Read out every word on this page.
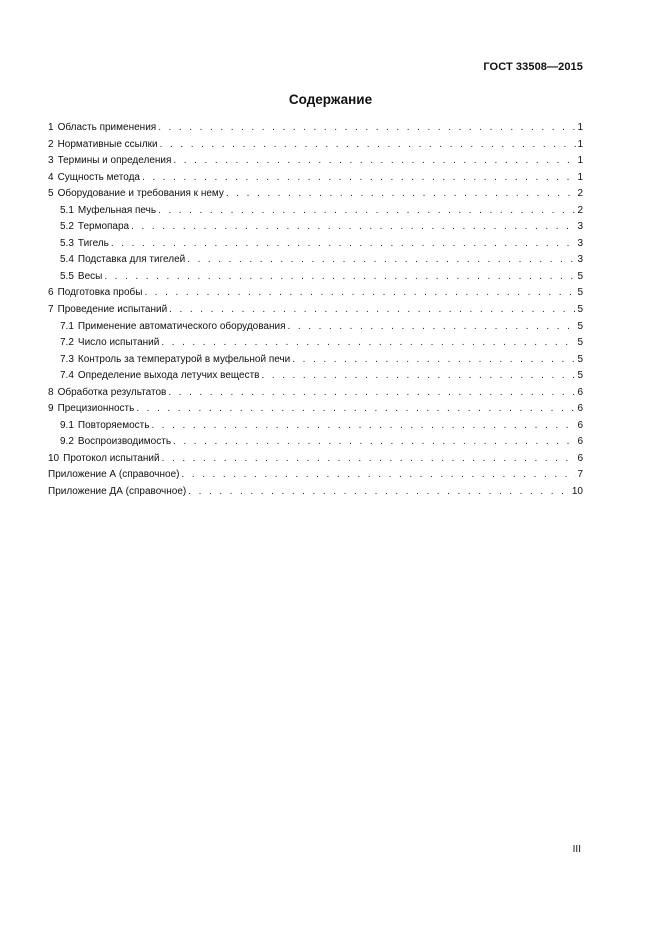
ГОСТ 33508—2015
Содержание
1 Область применения . . .	1
2 Нормативные ссылки . . .	1
3 Термины и определения . . .	1
4 Сущность метода . . .	1
5 Оборудование и требования к нему . . .	2
5.1 Муфельная печь . . .	2
5.2 Термопара . . .	3
5.3 Тигель . . .	3
5.4 Подставка для тигелей . . .	3
5.5 Весы . . .	5
6 Подготовка пробы . . .	5
7 Проведение испытаний . . .	5
7.1 Применение автоматического оборудования . . .	5
7.2 Число испытаний . . .	5
7.3 Контроль за температурой в муфельной печи . . .	5
7.4 Определение выхода летучих веществ . . .	5
8 Обработка результатов . . .	6
9 Прецизионность . . .	6
9.1 Повторяемость . . .	6
9.2 Воспроизводимость . . .	6
10 Протокол испытаний . . .	6
Приложение А (справочное) . . .	7
Приложение ДА (справочное) . . .	10
III
